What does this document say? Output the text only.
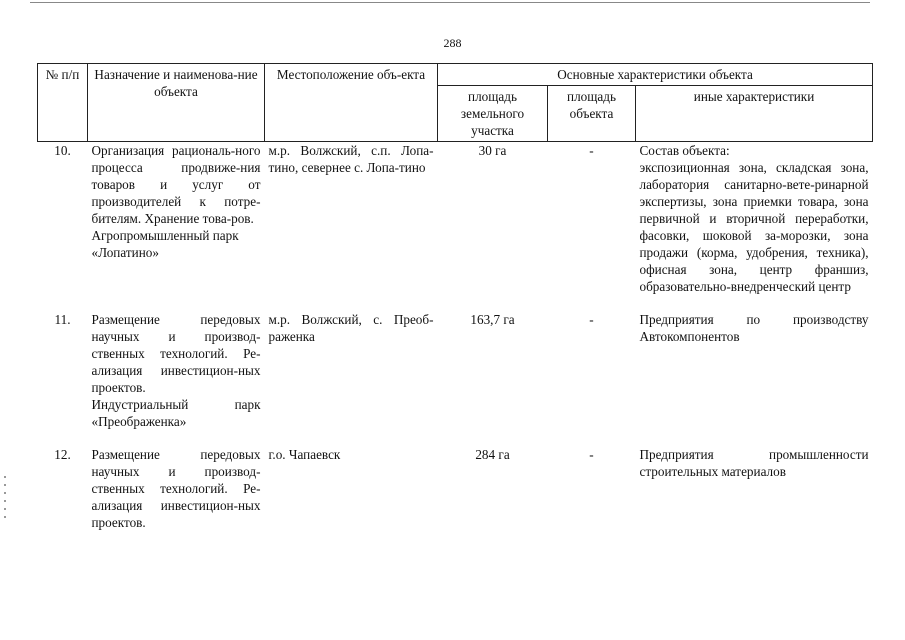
288
№ п/п	Назначение и наименова-ние объекта	Местоположение объ-екта	Основные характеристики объекта		
			площадь земельного участка	площадь объекта	иные характеристики
10.	Организация рациональ-ного процесса продвиже-ния товаров и услуг от производителей к потре-бителям. Хранение това-ров.
Агропромышленный парк «Лопатино»	м.р. Волжский, с.п. Лопа-тино, севернее с. Лопа-тино	30 га	-	Состав объекта:
экспозиционная зона, складская зона, лаборатория санитарно-вете-ринарной экспертизы, зона приемки товара, зона первичной и вторичной переработки, фасовки, шоковой за-морозки, зона продажи (корма, удобрения, техника), офисная зона, центр франшиз, образовательно-внедренческий центр

11.	Размещение передовых научных и производ-ственных технологий. Ре-ализация инвестицион-ных проектов.
Индустриальный парк «Преображенка»	м.р. Волжский, с. Преоб-раженка	163,7 га	-	Предприятия по производству Автокомпонентов

12.	Размещение передовых научных и производ-ственных технологий. Ре-ализация инвестицион-ных проектов.	г.о. Чапаевск	284 га	-	Предприятия промышленности строительных материалов
